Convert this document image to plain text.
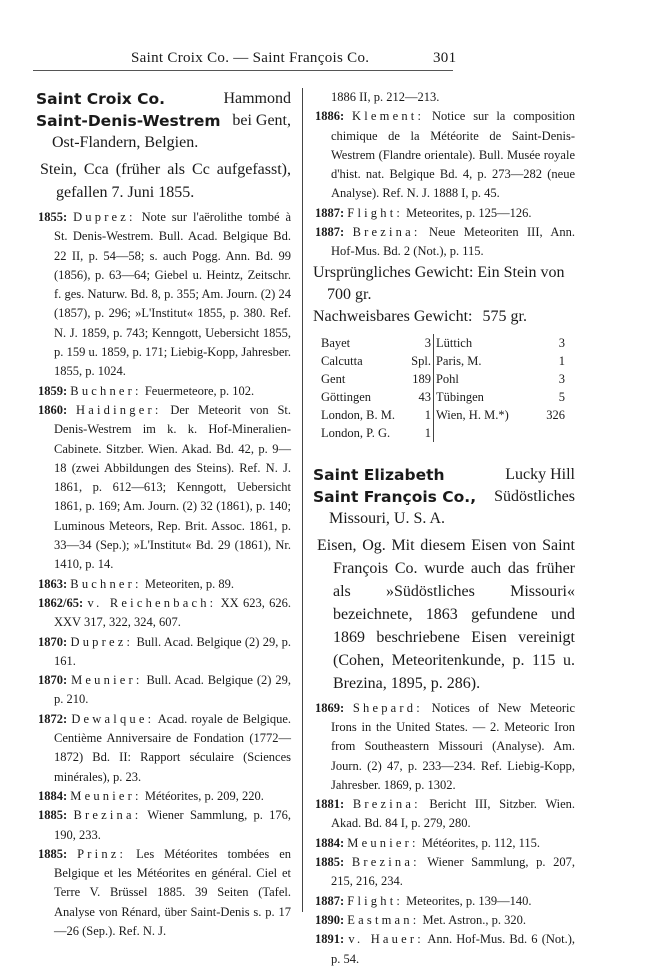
Saint Croix Co. — Saint François Co.	301
Saint Croix Co.	Hammond
Saint-Denis-Westrem bei Gent,
Ost-Flandern, Belgien.
Stein, Cca (früher als Cc aufgefasst), gefallen 7. Juni 1855.
1855: Duprez: Note sur l'aërolithe tombé à St. Denis-Westrem. Bull. Acad. Belgique Bd. 22 II, p. 54—58; s. auch Pogg. Ann. Bd. 99 (1856), p. 63—64; Giebel u. Heintz, Zeitschr. f. ges. Naturw. Bd. 8, p. 355; Am. Journ. (2) 24 (1857), p. 296; »L'Institut« 1855, p. 380. Ref. N. J. 1859, p. 743; Kenngott, Uebersicht 1855, p. 159 u. 1859, p. 171; Liebig-Kopp, Jahresber. 1855, p. 1024.
1859: Buchner: Feuermeteore, p. 102.
1860: Haidinger: Der Meteorit von St. Denis-Westrem im k. k. Hof-Mineralien-Cabinete. Sitzber. Wien. Akad. Bd. 42, p. 9—18 (zwei Abbildungen des Steins). Ref. N. J. 1861, p. 612—613; Kenngott, Uebersicht 1861, p. 169; Am. Journ. (2) 32 (1861), p. 140; Luminous Meteors, Rep. Brit. Assoc. 1861, p. 33—34 (Sep.); »L'Institut« Bd. 29 (1861), Nr. 1410, p. 14.
1863: Buchner: Meteoriten, p. 89.
1862/65: v. Reichenbach: XX 623, 626. XXV 317, 322, 324, 607.
1870: Duprez: Bull. Acad. Belgique (2) 29, p. 161.
1870: Meunier: Bull. Acad. Belgique (2) 29, p. 210.
1872: Dewalque: Acad. royale de Belgique. Centième Anniversaire de Fondation (1772—1872) Bd. II: Rapport séculaire (Sciences minérales), p. 23.
1884: Meunier: Météorites, p. 209, 220.
1885: Brezina: Wiener Sammlung, p. 176, 190, 233.
1885: Prinz: Les Météorites tombées en Belgique et les Météorites en général. Ciel et Terre V. Brüssel 1885. 39 Seiten (Tafel. Analyse von Rénard, über Saint-Denis s. p. 17—26 (Sep.). Ref. N. J.
1886 II, p. 212—213.
1886: Klement: Notice sur la composition chimique de la Météorite de Saint-Denis-Westrem (Flandre orientale). Bull. Musée royale d'hist. nat. Belgique Bd. 4, p. 273—282 (neue Analyse). Ref. N. J. 1888 I, p. 45.
1887: Flight: Meteorites, p. 125—126.
1887: Brezina: Neue Meteoriten III, Ann. Hof-Mus. Bd. 2 (Not.), p. 115.
Ursprüngliches Gewicht: Ein Stein von 700 gr.
Nachweisbares Gewicht: 575 gr.
Bayet	3		Lüttich	3
Calcutta	Spl.		Paris, M.	1
Gent	189		Pohl	3
Göttingen	43		Tübingen	5
London, B. M.	1		Wien, H. M.*)	326
London, P. G.	1			
Saint Elizabeth	Lucky Hill
Saint François Co., Südöstliches
Missouri, U. S. A.
Eisen, Og. Mit diesem Eisen von Saint François Co. wurde auch das früher als »Südöstliches Missouri« bezeichnete, 1863 gefundene und 1869 beschriebene Eisen vereinigt (Cohen, Meteoritenkunde, p. 115 u. Brezina, 1895, p. 286).
1869: Shepard: Notices of New Meteoric Irons in the United States. — 2. Meteoric Iron from Southeastern Missouri (Analyse). Am. Journ. (2) 47, p. 233—234. Ref. Liebig-Kopp, Jahresber. 1869, p. 1302.
1881: Brezina: Bericht III, Sitzber. Wien. Akad. Bd. 84 I, p. 279, 280.
1884: Meunier: Météorites, p. 112, 115.
1885: Brezina: Wiener Sammlung, p. 207, 215, 216, 234.
1887: Flight: Meteorites, p. 139—140.
1890: Eastman: Met. Astron., p. 320.
1891: v. Hauer: Ann. Hof-Mus. Bd. 6 (Not.), p. 54.
